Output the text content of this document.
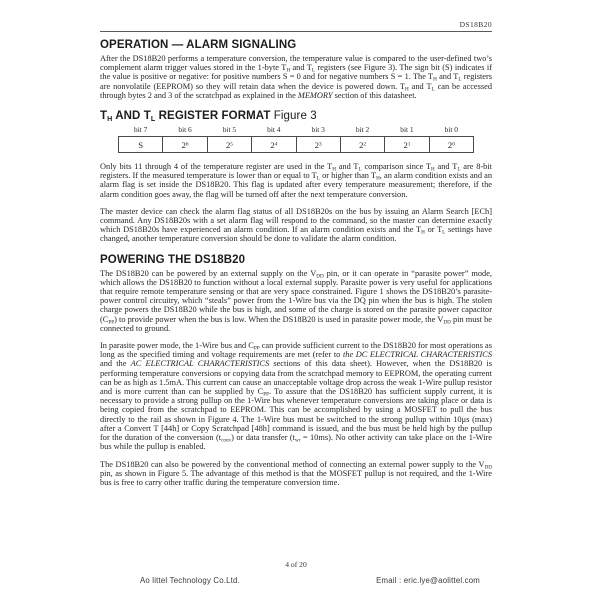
DS18B20
OPERATION — ALARM SIGNALING

After the DS18B20 performs a temperature conversion, the temperature value is compared to the user-defined two’s complement alarm trigger values stored in the 1-byte $T_H$ and $T_L$ registers (see Figure 3). The sign bit (S) indicates if the value is positive or negative: for positive numbers S = 0 and for negative numbers S = 1. The $T_H$ and $T_L$ registers are nonvolatile (EEPROM) so they will retain data when the device is powered down. $T_H$ and $T_L$ can be accessed through bytes 2 and 3 of the scratchpad as explained in the MEMORY section of this datasheet.

$T_H$ AND $T_L$ REGISTER FORMAT Figure 3
bit 7	bit 6	bit 5	bit 4	bit 3	bit 2	bit 1	bit 0
S	$2^6$	$2^5$	$2^4$	$2^3$	$2^2$	$2^1$	$2^0$

Only bits 11 through 4 of the temperature register are used in the $T_H$ and $T_L$ comparison since $T_H$ and $T_L$ are 8-bit registers. If the measured temperature is lower than or equal to $T_L$ or higher than $T_H$, an alarm condition exists and an alarm flag is set inside the DS18B20. This flag is updated after every temperature measurement; therefore, if the alarm condition goes away, the flag will be turned off after the next temperature conversion.

The master device can check the alarm flag status of all DS18B20s on the bus by issuing an Alarm Search [ECh] command. Any DS18B20s with a set alarm flag will respond to the command, so the master can determine exactly which DS18B20s have experienced an alarm condition. If an alarm condition exists and the $T_H$ or $T_L$ settings have changed, another temperature conversion should be done to validate the alarm condition.

POWERING THE DS18B20

The DS18B20 can be powered by an external supply on the $V_{DD}$ pin, or it can operate in “parasite power” mode, which allows the DS18B20 to function without a local external supply. Parasite power is very useful for applications that require remote temperature sensing or that are very space constrained. Figure 1 shows the DS18B20’s parasite-power control circuitry, which “steals” power from the 1-Wire bus via the DQ pin when the bus is high. The stolen charge powers the DS18B20 while the bus is high, and some of the charge is stored on the parasite power capacitor $(C_{PP})$ to provide power when the bus is low. When the DS18B20 is used in parasite power mode, the $V_{DD}$ pin must be connected to ground.

In parasite power mode, the 1-Wire bus and $C_{PP}$ can provide sufficient current to the DS18B20 for most operations as long as the specified timing and voltage requirements are met (refer to the DC ELECTRICAL CHARACTERISTICS and the AC ELECTRICAL CHARACTERISTICS sections of this data sheet). However, when the DS18B20 is performing temperature conversions or copying data from the scratchpad memory to EEPROM, the operating current can be as high as 1.5mA. This current can cause an unacceptable voltage drop across the weak 1-Wire pullup resistor and is more current than can be supplied by $C_{PP}$. To assure that the DS18B20 has sufficient supply current, it is necessary to provide a strong pullup on the 1-Wire bus whenever temperature conversions are taking place or data is being copied from the scratchpad to EEPROM. This can be accomplished by using a MOSFET to pull the bus directly to the rail as shown in Figure 4. The 1-Wire bus must be switched to the strong pullup within 10μs (max) after a Convert T [44h] or Copy Scratchpad [48h] command is issued, and the bus must be held high by the pullup for the duration of the conversion $(t_{conv})$ or data transfer $(t_{wr} = 10ms)$. No other activity can take place on the 1-Wire bus while the pullup is enabled.

The DS18B20 can also be powered by the conventional method of connecting an external power supply to the $V_{DD}$ pin, as shown in Figure 5. The advantage of this method is that the MOSFET pullup is not required, and the 1-Wire bus is free to carry other traffic during the temperature conversion time.

4 of 20
Ao littel Technology Co.Ltd.	Email : eric.lye@aolittel.com
